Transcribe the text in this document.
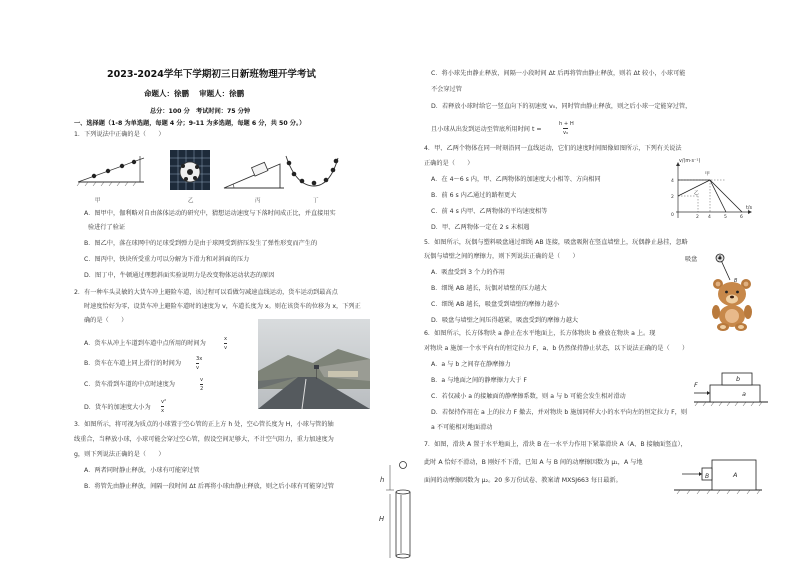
2023-2024学年下学期初三日新班物理开学考试
命题人：徐鹏　 审题人：徐鹏
总分：100 分　考试时间：75 分钟
一、选择题（1-8 为单选题，每题 4 分；9-11 为多选题，每题 6 分，共 50 分。）
1．下列说法中正确的是（　　）
甲	乙	丙	丁
A．图甲中，伽利略对自由落体运动的研究中，猜想运动速度与下落时间成正比，并直接用实
验进行了验证
B．图乙中，落在球网中的足球受到弹力是由于球网受到挤压发生了弹性形变而产生的
C．图丙中，铁块所受重力可以分解为下滑力和对斜面的压力
D．图丁中，牛顿通过理想斜面实验说明力是改变物体运动状态的原因
2．有一种车头灵敏的大货车冲上避险车道，该过程可以看做匀减速直线运动，货车运动到最高点
时速度恰好为零，设货车冲上避险车道时的速度为 v，车道长度为 x。则在该货车的位移为 x，下列正
确的是（　　）
A．货车从冲上车道到车道中点所用的时间为
x
v
B．货车在车道上同上滑行的时间为
3x
v
C．货车滑到车道的中点时速度为
v
2
D．货车的加速度大小为
v²
x
3．如图所示，将可视为质点的小球置于空心管的正上方 h 处，空心管长度为 H，小球与管的轴
线重合，当释放小球，小球可能会穿过空心管，假设空间足够大，不计空气阻力，重力加速度为
g，则下列说法正确的是（　　）
A．两者同时静止释放，小球有可能穿过管
B．将管先由静止释放，间隔一段时间 Δt 后再将小球由静止释放，则之后小球有可能穿过管
h
H
C．将小球先由静止释放，间隔一小段时间 Δt 后再将管由静止释放，则若 Δt 较小，小球可能
不会穿过管
D．若释放小球时给它一竖直向下的初速度 v₀，同时管由静止释放，则之后小球一定能穿过管，
且小球从出发到运动至管底所用时间 t =
h + H
v₀
4．甲、乙两个物体在同一时刻沿同一直线运动，它们的速度时间图像如图所示，下列有关说法
正确的是（　　）
A．在 4～6 s 内，甲、乙两物体的加速度大小相等、方向相同
B．前 6 s 内乙通过的路程更大
C．前 4 s 内甲、乙两物体的平均速度相等
D．甲、乙两物体一定在 2 s 末相遇
4
2
0	2 4	5	6
v/(m·s⁻¹)
t/s
甲
乙
5．如图所示，玩偶与塑料吸盘通过细绳 AB 连接，吸盘吸附在竖直墙壁上，玩偶静止悬挂，忽略
玩偶与墙壁之间的摩擦力，则下列说法正确的是（　　）
A．吸盘受到 3 个力的作用
B．细绳 AB 越长，玩偶对墙壁的压力越大
C．细绳 AB 越长，吸盘受到墙壁的摩擦力越小
D．吸盘与墙壁之间压得越紧，吸盘受到的摩擦力越大
吸盘	A
B
6．如图所示，长方体物块 a 静止在水平地面上，长方体物块 b 叠放在物块 a 上。现
对物块 a 施加一个水平向右的恒定拉力 F，a、b 仍然保持静止状态，以下说法正确的是（　　）
A．a 与 b 之间存在静摩擦力
B．a 与地面之间的静摩擦力大于 F
C．若仅减小 a 的接触面的静摩擦系数，则 a 与 b 可能会发生相对滑动
D．若保持作用在 a 上的拉力 F 撤去，并对物块 b 施加同样大小的水平向左的恒定拉力 F，则
a 不可能相对地面滑动
F
a
b
7．如图，滑块 A 置于水平地面上，滑块 B 在一水平力作用下紧靠滑块 A（A、B 接触面竖直），
此时 A 恰好不滑动，B 刚好不下滑，已知 A 与 B 间的动摩擦因数为 μ₁，A 与地
面间的动摩擦因数为 μ₂。20 多万份试卷、教案请 MXSJ663 每日最新。
B	A
